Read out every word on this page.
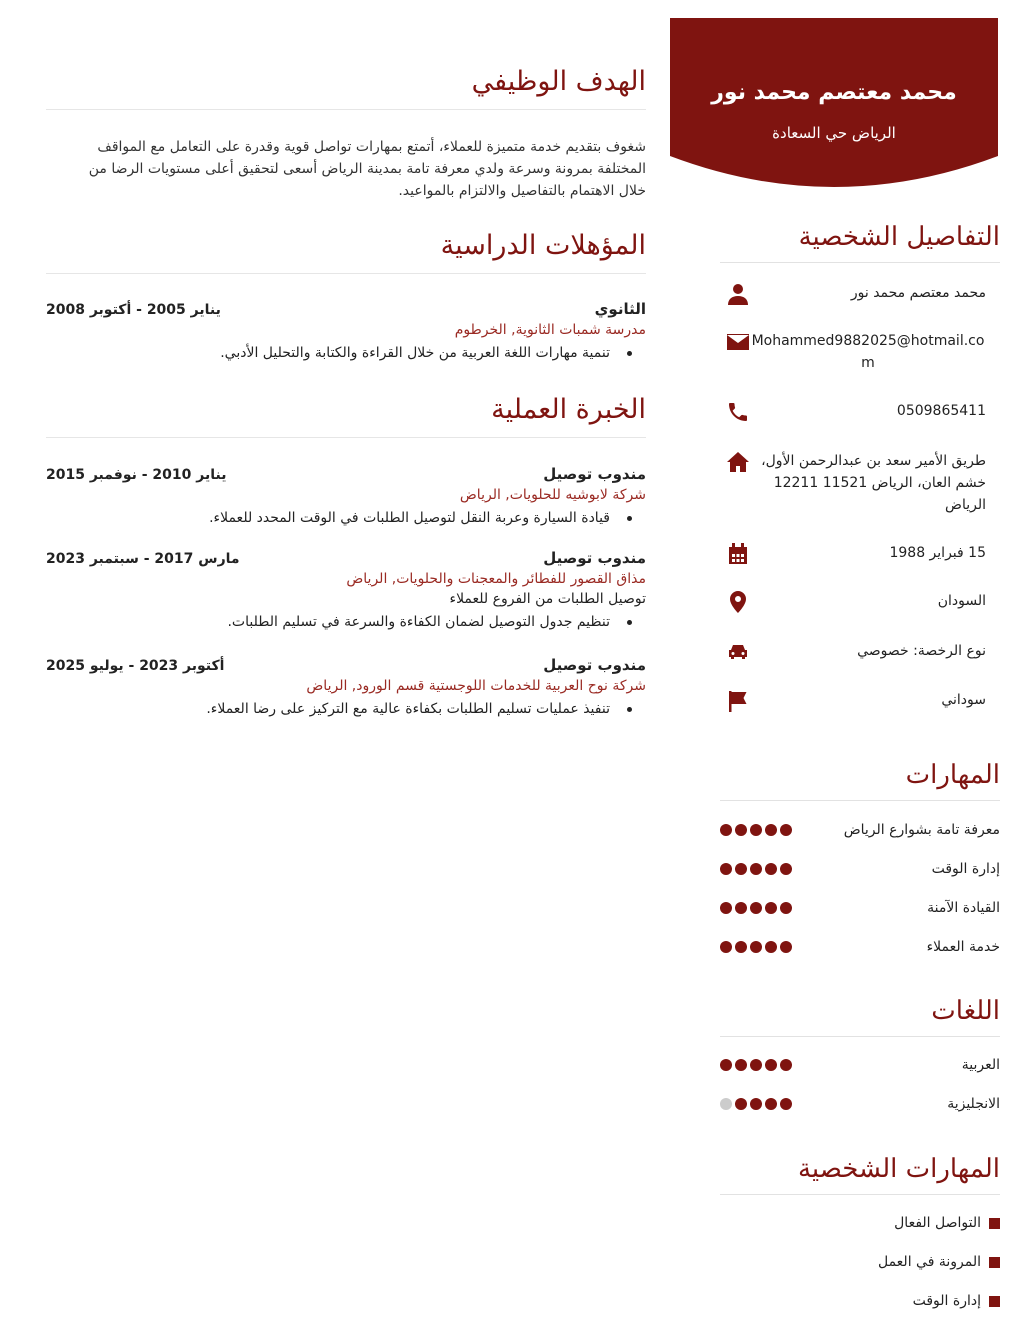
محمد معتصم محمد نور
الرياض حي السعادة
التفاصيل الشخصية
محمد معتصم محمد نور
Mohammed9882025@hotmail.com
0509865411
طريق الأمير سعد بن عبدالرحمن الأول، خشم العان، الرياض 11521 12211 الرياض
15 فبراير 1988
السودان
نوع الرخصة: خصوصي
سوداني
المهارات
معرفة تامة بشوارع الرياض
إدارة الوقت
القيادة الآمنة
خدمة العملاء
اللغات
العربية
الانجليزية
المهارات الشخصية
التواصل الفعال
المرونة في العمل
إدارة الوقت
الهدف الوظيفي
شغوف بتقديم خدمة متميزة للعملاء، أتمتع بمهارات تواصل قوية وقدرة على التعامل مع المواقف المختلفة بمرونة وسرعة ولدي معرفة تامة بمدينة الرياض أسعى لتحقيق أعلى مستويات الرضا من خلال الاهتمام بالتفاصيل والالتزام بالمواعيد.
المؤهلات الدراسية
الثانوي
يناير 2005 - أكتوبر 2008
مدرسة شمبات الثانوية, الخرطوم
تنمية مهارات اللغة العربية من خلال القراءة والكتابة والتحليل الأدبي.
الخبرة العملية
مندوب توصيل
يناير 2010 - نوفمبر 2015
شركة لابوشيه للحلويات, الرياض
قيادة السيارة وعربة النقل لتوصيل الطلبات في الوقت المحدد للعملاء.
مندوب توصيل
مارس 2017 - سبتمبر 2023
مذاق القصور للفطائر والمعجنات والحلويات, الرياض
توصيل الطلبات من الفروع للعملاء
تنظيم جدول التوصيل لضمان الكفاءة والسرعة في تسليم الطلبات.
مندوب توصيل
أكتوبر 2023 - يوليو 2025
شركة نوح العربية للخدمات اللوجستية قسم الورود, الرياض
تنفيذ عمليات تسليم الطلبات بكفاءة عالية مع التركيز على رضا العملاء.
